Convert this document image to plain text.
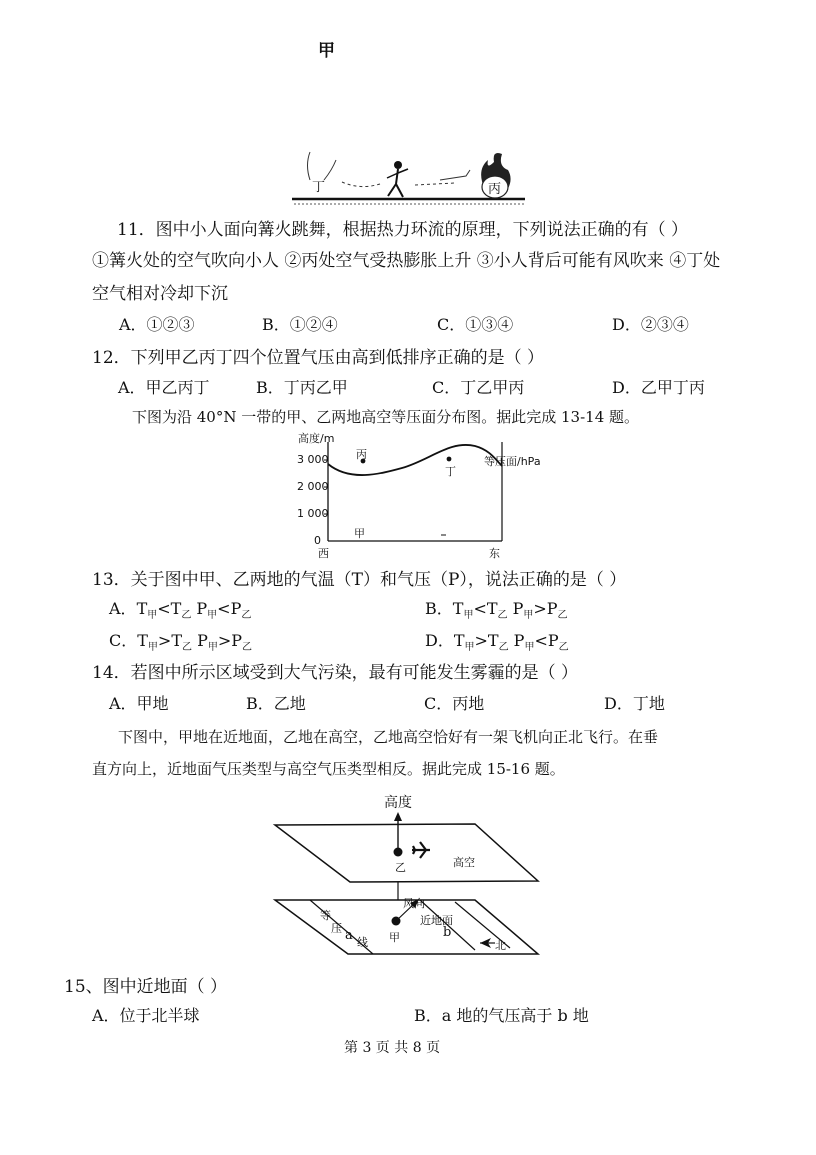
甲
丁	丙
11．图中小人面向篝火跳舞，根据热力环流的原理，下列说法正确的有（ ）
①篝火处的空气吹向小人 ②丙处空气受热膨胀上升 ③小人背后可能有风吹来 ④丁处
空气相对冷却下沉
A．①②③	B．①②④	C．①③④	D．②③④
12．下列甲乙丙丁四个位置气压由高到低排序正确的是（ ）
A．甲乙丙丁	B．丁丙乙甲	C．丁乙甲丙	D．乙甲丁丙
下图为沿 40°N 一带的甲、乙两地高空等压面分布图。据此完成 13-14 题。
高度/m
3 000
2 000
1 000
0
西	东
等压面/hPa
丙
丁
甲
13．关于图中甲、乙两地的气温（T）和气压（P），说法正确的是（ ）
A．$T_甲<T_乙$ $P_甲<P_乙$	B．$T_甲<T_乙$ $P_甲>P_乙$
C．$T_甲>T_乙$ $P_甲>P_乙$	D．$T_甲>T_乙$ $P_甲<P_乙$
14．若图中所示区域受到大气污染，最有可能发生雾霾的是（ ）
A．甲地	B．乙地	C．丙地	D．丁地
下图中，甲地在近地面，乙地在高空，乙地高空恰好有一架飞机向正北飞行。在垂
直方向上，近地面气压类型与高空气压类型相反。据此完成 15-16 题。
高度
乙	高空
风向
近地面
等
压 a 线 甲	b
北
15、图中近地面（ ）
A．位于北半球	B．a 地的气压高于 b 地
第 3 页 共 8 页
